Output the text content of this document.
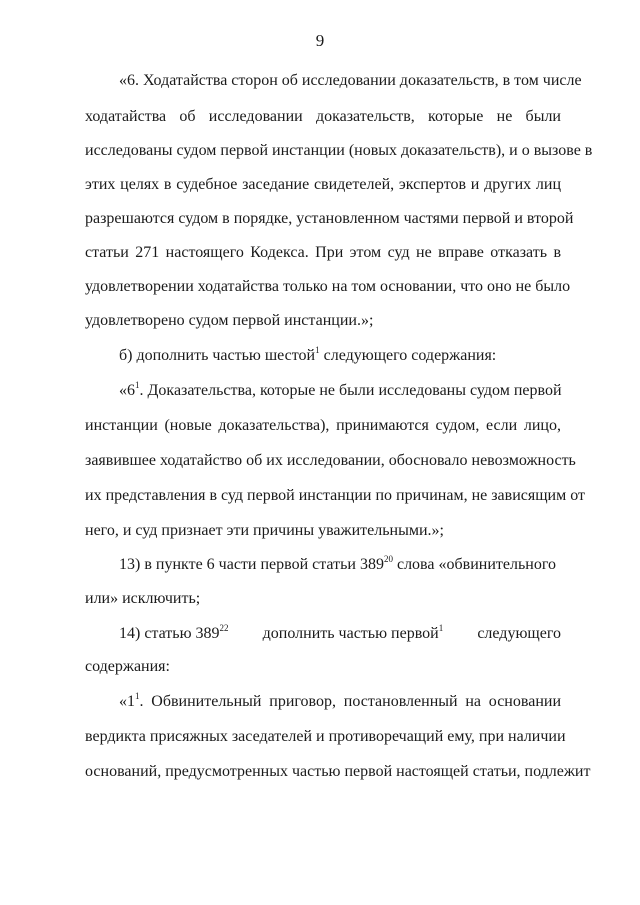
9
«6. Ходатайства сторон об исследовании доказательств, в том числе
ходатайства об исследовании доказательств, которые не были
исследованы судом первой инстанции (новых доказательств), и о вызове в
этих целях в судебное заседание свидетелей, экспертов и других лиц
разрешаются судом в порядке, установленном частями первой и второй
статьи 271 настоящего Кодекса. При этом суд не вправе отказать в
удовлетворении ходатайства только на том основании, что оно не было
удовлетворено судом первой инстанции.»;
б) дополнить частью шестой$^1$ следующего содержания:
«$6^1$. Доказательства, которые не были исследованы судом первой
инстанции (новые доказательства), принимаются судом, если лицо,
заявившее ходатайство об их исследовании, обосновало невозможность
их представления в суд первой инстанции по причинам, не зависящим от
него, и суд признает эти причины уважительными.»;
13) в пункте 6 части первой статьи $389^{20}$ слова «обвинительного
или» исключить;
14) статью $389^{22}$ дополнить частью первой$^1$ следующего
содержания:
«$1^1$. Обвинительный приговор, постановленный на основании
вердикта присяжных заседателей и противоречащий ему, при наличии
оснований, предусмотренных частью первой настоящей статьи, подлежит
